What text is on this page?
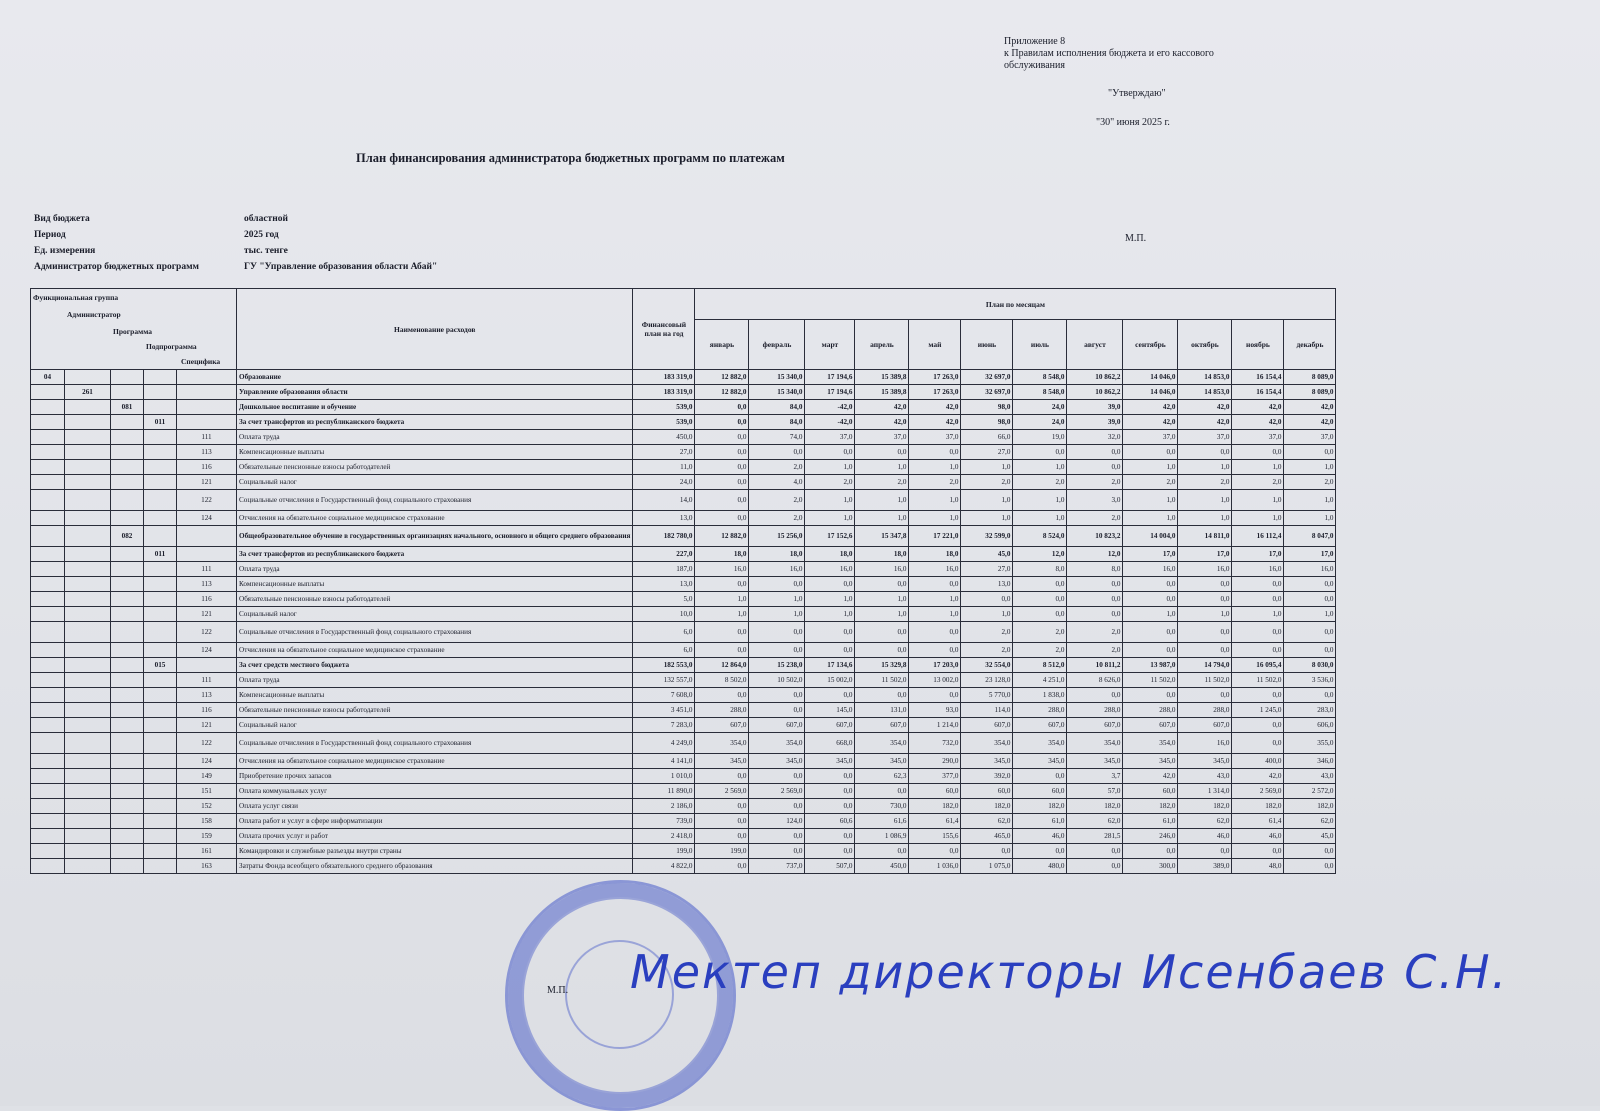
Приложение 8
к Правилам исполнения бюджета и его кассового обслуживания
"Утверждаю"
"30" июня 2025 г.
План финансирования администратора бюджетных программ по платежам
М.П.
Вид бюджета	областной
Период	2025 год
Ед. измерения	тыс. тенге
Администратор бюджетных программ	ГУ "Управление образования области Абай"
Функциональная группа
Администратор
Программа
Подпрограмма
Специфика					Наименование расходов	Финансовый план на год	План по месяцам											
							январь	февраль	март	апрель	май	июнь	июль	август	сентябрь	октябрь	ноябрь	декабрь
04					Образование	183 319,0	12 882,0	15 340,0	17 194,6	15 389,8	17 263,0	32 697,0	8 548,0	10 862,2	14 046,0	14 853,0	16 154,4	8 089,0
	261				Управление образования области	183 319,0	12 882,0	15 340,0	17 194,6	15 389,8	17 263,0	32 697,0	8 548,0	10 862,2	14 046,0	14 853,0	16 154,4	8 089,0
		081			Дошкольное воспитание и обучение	539,0	0,0	84,0	-42,0	42,0	42,0	98,0	24,0	39,0	42,0	42,0	42,0	42,0
			011		За счет трансфертов из республиканского бюджета	539,0	0,0	84,0	-42,0	42,0	42,0	98,0	24,0	39,0	42,0	42,0	42,0	42,0
				111	Оплата труда	450,0	0,0	74,0	37,0	37,0	37,0	66,0	19,0	32,0	37,0	37,0	37,0	37,0
				113	Компенсационные выплаты	27,0	0,0	0,0	0,0	0,0	0,0	27,0	0,0	0,0	0,0	0,0	0,0	0,0
				116	Обязательные пенсионные взносы работодателей	11,0	0,0	2,0	1,0	1,0	1,0	1,0	1,0	0,0	1,0	1,0	1,0	1,0
				121	Социальный налог	24,0	0,0	4,0	2,0	2,0	2,0	2,0	2,0	2,0	2,0	2,0	2,0	2,0
				122	Социальные отчисления в Государственный фонд социального страхования	14,0	0,0	2,0	1,0	1,0	1,0	1,0	1,0	3,0	1,0	1,0	1,0	1,0
				124	Отчисления на обязательное социальное медицинское страхование	13,0	0,0	2,0	1,0	1,0	1,0	1,0	1,0	2,0	1,0	1,0	1,0	1,0
		082			Общеобразовательное обучение в государственных организациях начального, основного и общего среднего образования	182 780,0	12 882,0	15 256,0	17 152,6	15 347,8	17 221,0	32 599,0	8 524,0	10 823,2	14 004,0	14 811,0	16 112,4	8 047,0
			011		За счет трансфертов из республиканского бюджета	227,0	18,0	18,0	18,0	18,0	18,0	45,0	12,0	12,0	17,0	17,0	17,0	17,0
				111	Оплата труда	187,0	16,0	16,0	16,0	16,0	16,0	27,0	8,0	8,0	16,0	16,0	16,0	16,0
				113	Компенсационные выплаты	13,0	0,0	0,0	0,0	0,0	0,0	13,0	0,0	0,0	0,0	0,0	0,0	0,0
				116	Обязательные пенсионные взносы работодателей	5,0	1,0	1,0	1,0	1,0	1,0	0,0	0,0	0,0	0,0	0,0	0,0	0,0
				121	Социальный налог	10,0	1,0	1,0	1,0	1,0	1,0	1,0	0,0	0,0	1,0	1,0	1,0	1,0
				122	Социальные отчисления в Государственный фонд социального страхования	6,0	0,0	0,0	0,0	0,0	0,0	2,0	2,0	2,0	0,0	0,0	0,0	0,0
				124	Отчисления на обязательное социальное медицинское страхование	6,0	0,0	0,0	0,0	0,0	0,0	2,0	2,0	2,0	0,0	0,0	0,0	0,0
			015		За счет средств местного бюджета	182 553,0	12 864,0	15 238,0	17 134,6	15 329,8	17 203,0	32 554,0	8 512,0	10 811,2	13 987,0	14 794,0	16 095,4	8 030,0
				111	Оплата труда	132 557,0	8 502,0	10 502,0	15 002,0	11 502,0	13 002,0	23 128,0	4 251,0	8 626,0	11 502,0	11 502,0	11 502,0	3 536,0
				113	Компенсационные выплаты	7 608,0	0,0	0,0	0,0	0,0	0,0	5 770,0	1 838,0	0,0	0,0	0,0	0,0	0,0
				116	Обязательные пенсионные взносы работодателей	3 451,0	288,0	0,0	145,0	131,0	93,0	114,0	288,0	288,0	288,0	288,0	1 245,0	283,0
				121	Социальный налог	7 283,0	607,0	607,0	607,0	607,0	1 214,0	607,0	607,0	607,0	607,0	607,0	0,0	606,0
				122	Социальные отчисления в Государственный фонд социального страхования	4 249,0	354,0	354,0	668,0	354,0	732,0	354,0	354,0	354,0	354,0	16,0	0,0	355,0
				124	Отчисления на обязательное социальное медицинское страхование	4 141,0	345,0	345,0	345,0	345,0	290,0	345,0	345,0	345,0	345,0	345,0	400,0	346,0
				149	Приобретение прочих запасов	1 010,0	0,0	0,0	0,0	62,3	377,0	392,0	0,0	3,7	42,0	43,0	42,0	43,0
				151	Оплата коммунальных услуг	11 890,0	2 569,0	2 569,0	0,0	0,0	60,0	60,0	60,0	57,0	60,0	1 314,0	2 569,0	2 572,0
				152	Оплата услуг связи	2 186,0	0,0	0,0	0,0	730,0	182,0	182,0	182,0	182,0	182,0	182,0	182,0	182,0
				158	Оплата работ и услуг в сфере информатизации	739,0	0,0	124,0	60,6	61,6	61,4	62,0	61,0	62,0	61,0	62,0	61,4	62,0
				159	Оплата прочих услуг и работ	2 418,0	0,0	0,0	0,0	1 086,9	155,6	465,0	46,0	281,5	246,0	46,0	46,0	45,0
				161	Командировки и служебные разъезды внутри страны	199,0	199,0	0,0	0,0	0,0	0,0	0,0	0,0	0,0	0,0	0,0	0,0	0,0
				163	Затраты Фонда всеобщего обязательного среднего образования	4 822,0	0,0	737,0	507,0	450,0	1 036,0	1 075,0	480,0	0,0	300,0	389,0	48,0	0,0
М.П. Мектеп директоры Исенбаев С.Н.
